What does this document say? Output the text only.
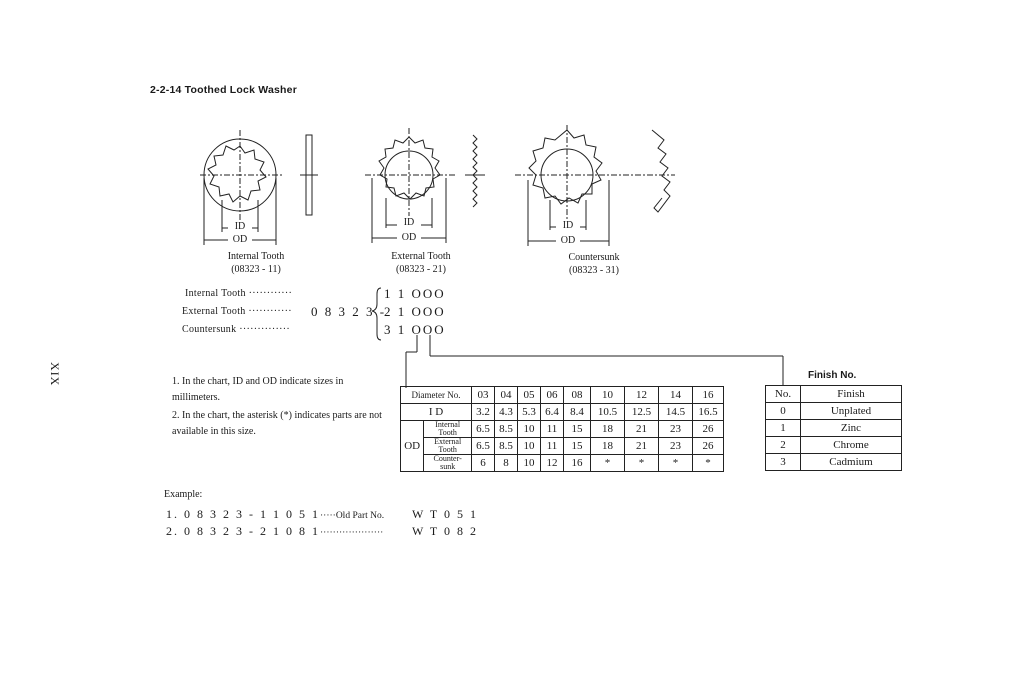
2-2-14 Toothed Lock Washer
XIX
Internal Tooth
(08323 - 11)
External Tooth
(08323 - 21)
Countersunk
(08323 - 31)
ID
OD
ID
OD
ID
OD
Internal Tooth ············
External Tooth ············
Countersunk ··············
0 8 3 2 3 -
1 1 OOO
2 1 OOO
3 1 OOO
1. In the chart, ID and OD indicate sizes in millimeters.
2. In the chart, the asterisk (*) indicates parts are not available in this size.
Diameter No.		03	04	05	06	08	10	12	14	16
I D		3.2	4.3	5.3	6.4	8.4	10.5	12.5	14.5	16.5
OD	Internal
Tooth	6.5	8.5	10	11	15	18	21	23	26

	External
Tooth	6.5	8.5	10	11	15	18	21	23	26

	Counter-
sunk	6	8	10	12	16	*	*	*	*
Finish No.
No.	Finish
0	Unplated
1	Zinc
2	Chrome
3	Cadmium
Example:
1. 0 8 3 2 3 - 1 1 0 5 1·····Old Part No. W T 0 5 1
2. 0 8 3 2 3 - 2 1 0 8 1···················· W T 0 8 2
